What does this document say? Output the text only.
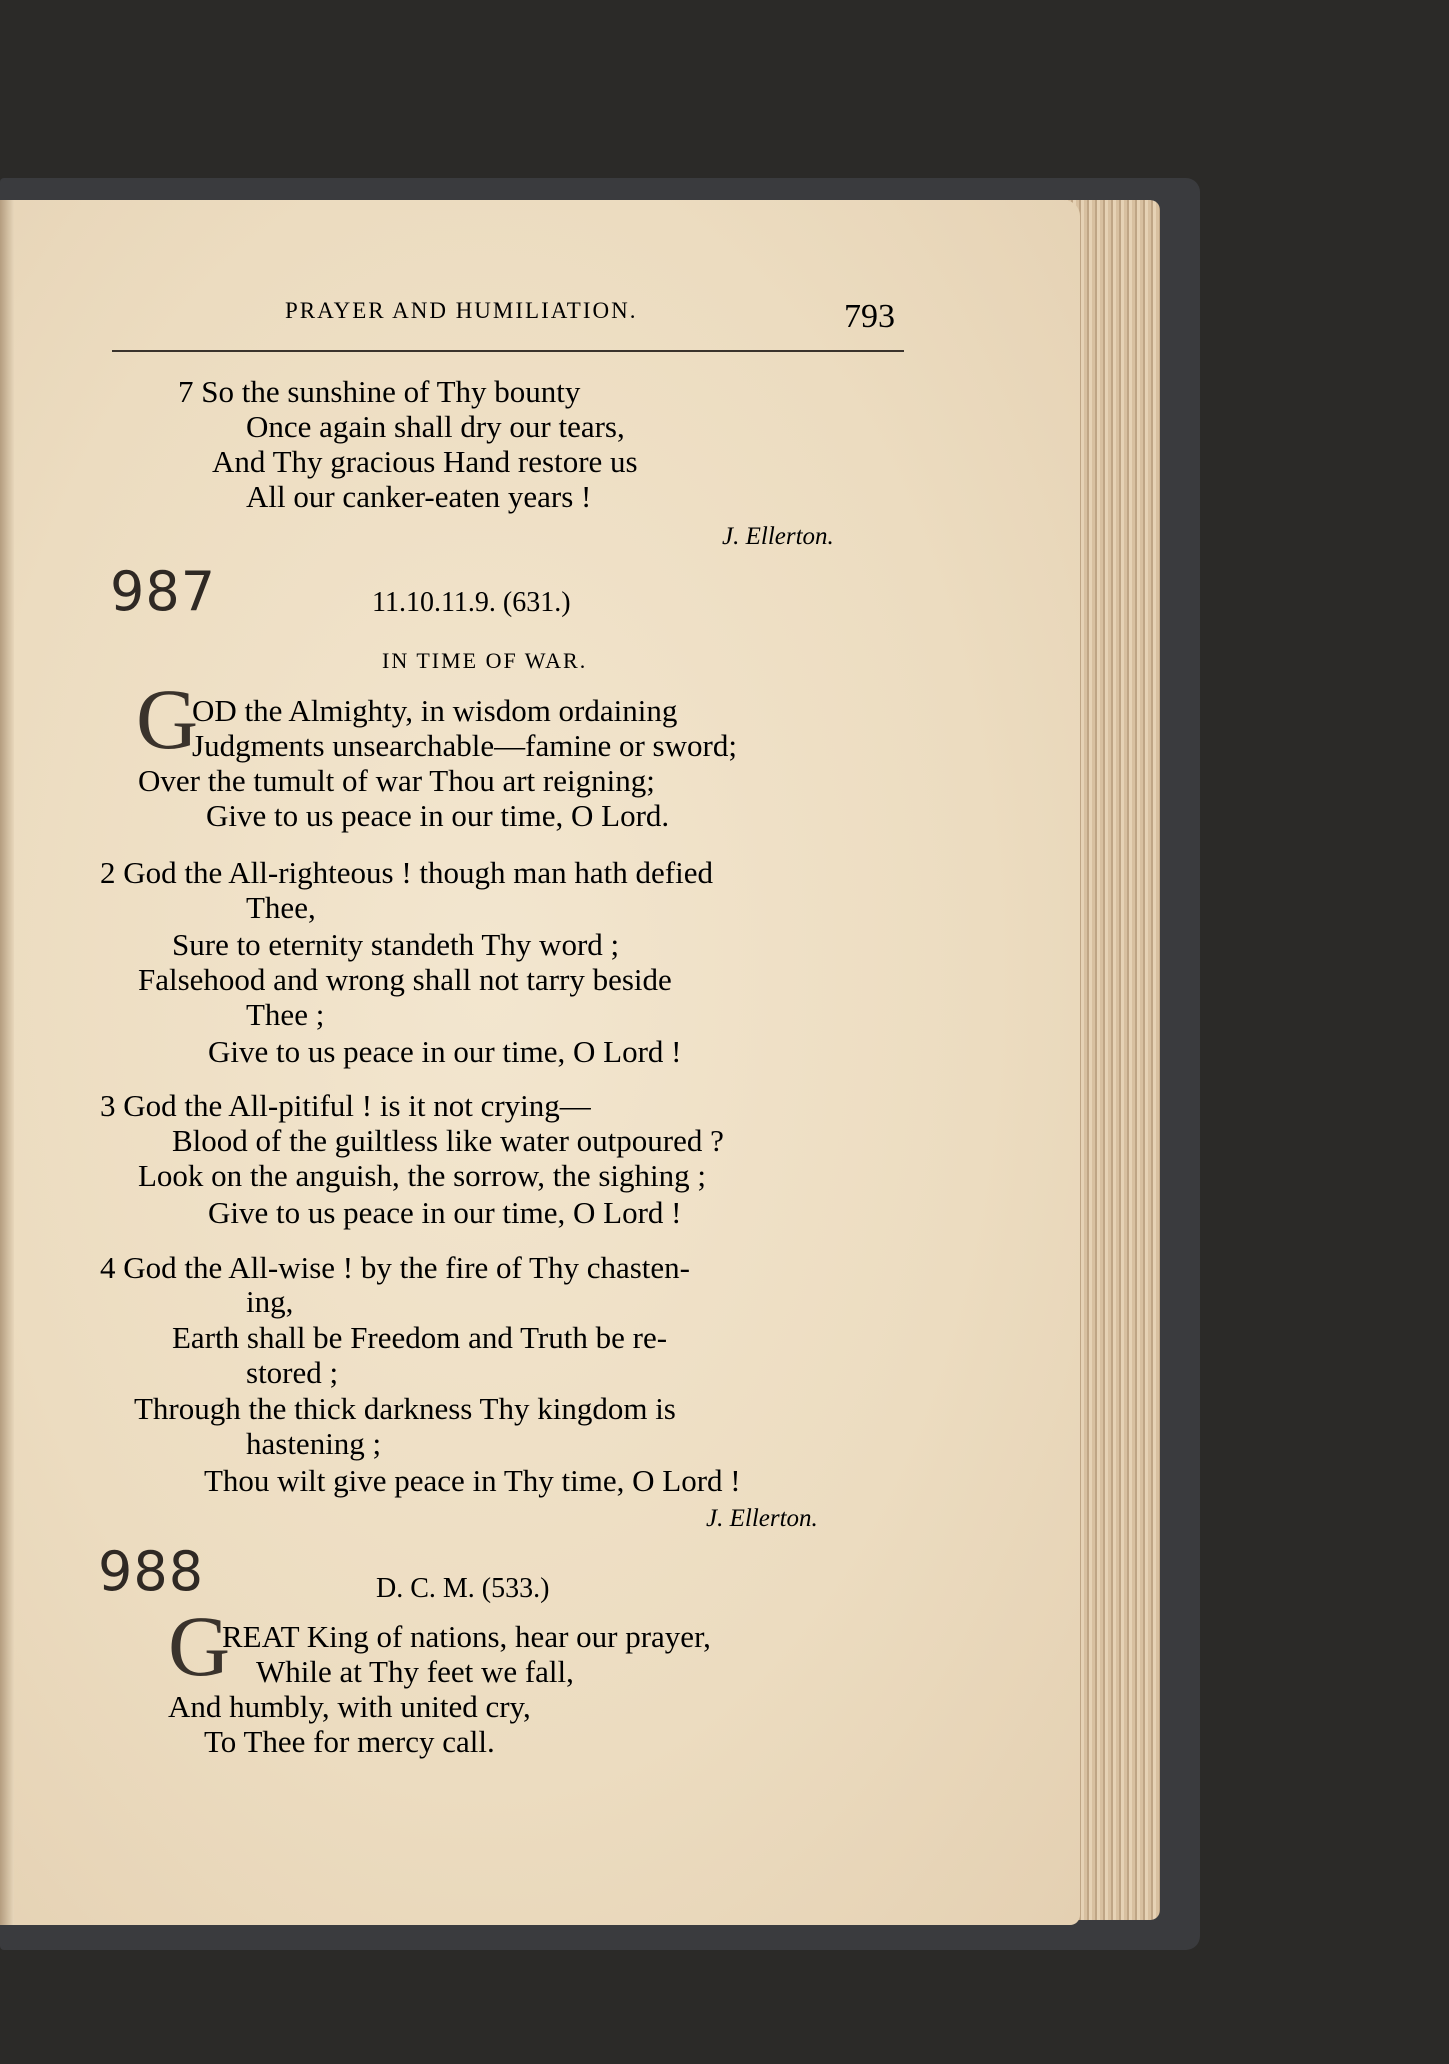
PRAYER AND HUMILIATION.	793

7 So the sunshine of Thy bounty

Once again shall dry our tears,

And Thy gracious Hand restore us

All our canker-eaten years !

J. Ellerton.

987	11.10.11.9. (631.)

IN TIME OF WAR.

G

OD the Almighty, in wisdom ordaining

Judgments unsearchable—famine or sword;

Over the tumult of war Thou art reigning;

Give to us peace in our time, O Lord.

2 God the All-righteous ! though man hath defied

Thee,

Sure to eternity standeth Thy word ;

Falsehood and wrong shall not tarry beside

Thee ;

Give to us peace in our time, O Lord !

3 God the All-pitiful ! is it not crying—

Blood of the guiltless like water outpoured ?

Look on the anguish, the sorrow, the sighing ;

Give to us peace in our time, O Lord !

4 God the All-wise ! by the fire of Thy chasten-

ing,

Earth shall be Freedom and Truth be re-

stored ;

Through the thick darkness Thy kingdom is

hastening ;

Thou wilt give peace in Thy time, O Lord !

J. Ellerton.

988	D. C. M. (533.)

G

REAT King of nations, hear our prayer,

While at Thy feet we fall,

And humbly, with united cry,

To Thee for mercy call.
